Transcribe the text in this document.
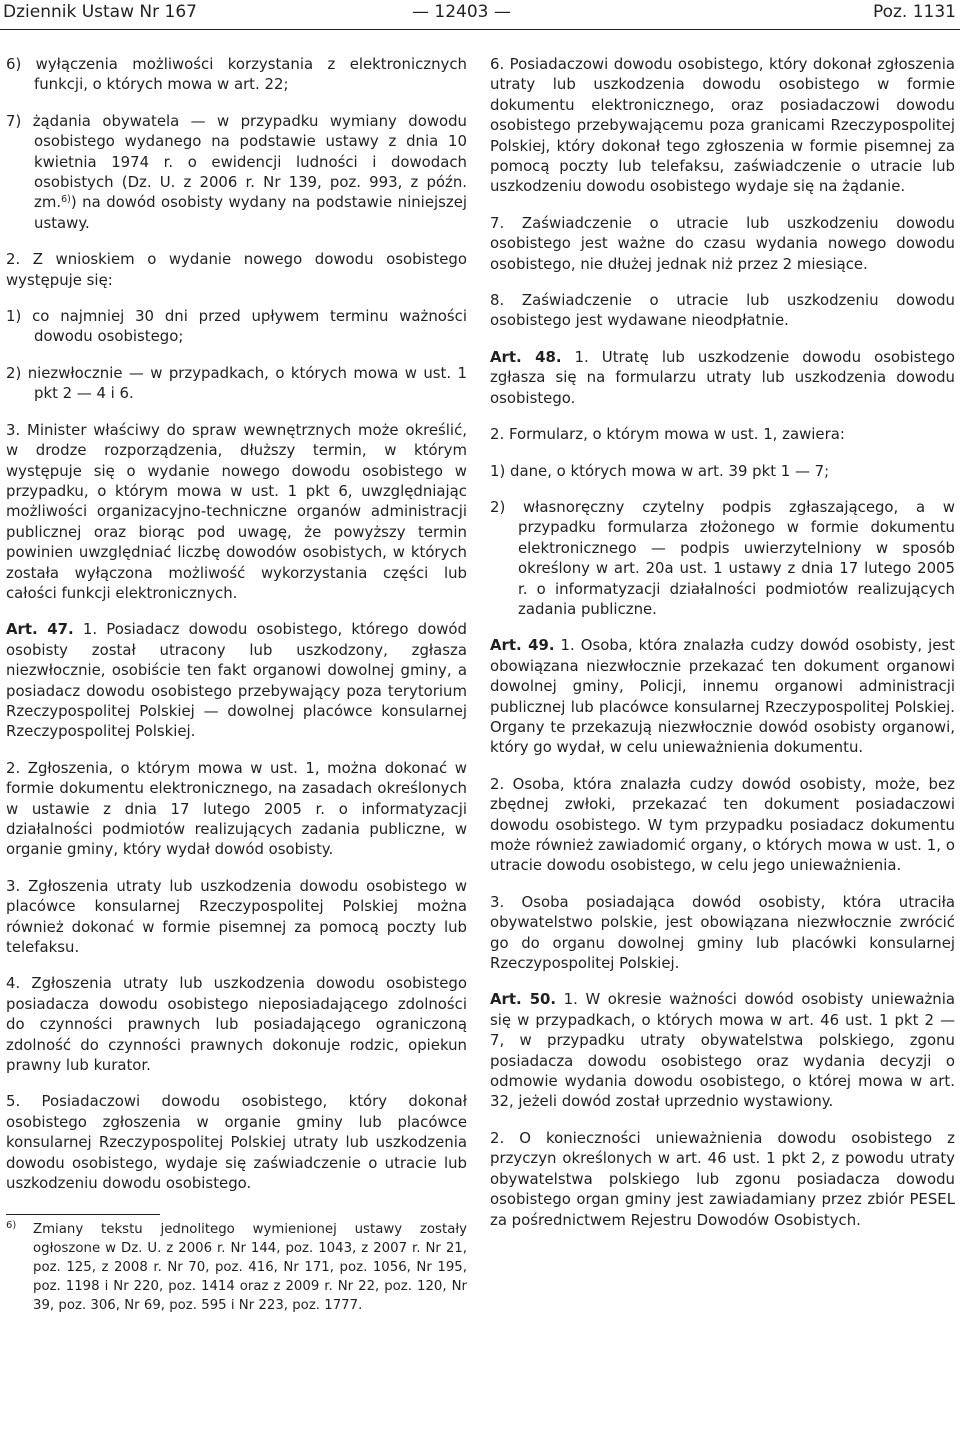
Dziennik Ustaw Nr 167	— 12403 —	Poz. 1131

6) wyłączenia możliwości korzystania z elektronicznych funkcji, o których mowa w art. 22;

7) żądania obywatela — w przypadku wymiany dowodu osobistego wydanego na podstawie ustawy z dnia 10 kwietnia 1974 r. o ewidencji ludności i dowodach osobistych (Dz. U. z 2006 r. Nr 139, poz. 993, z późn. zm.$^{6)}$) na dowód osobisty wydany na podstawie niniejszej ustawy.

2. Z wnioskiem o wydanie nowego dowodu osobistego występuje się:

1) co najmniej 30 dni przed upływem terminu ważności dowodu osobistego;

2) niezwłocznie — w przypadkach, o których mowa w ust. 1 pkt 2 — 4 i 6.

3. Minister właściwy do spraw wewnętrznych może określić, w drodze rozporządzenia, dłuższy termin, w którym występuje się o wydanie nowego dowodu osobistego w przypadku, o którym mowa w ust. 1 pkt 6, uwzględniając możliwości organizacyjno-techniczne organów administracji publicznej oraz biorąc pod uwagę, że powyższy termin powinien uwzględniać liczbę dowodów osobistych, w których została wyłączona możliwość wykorzystania części lub całości funkcji elektronicznych.

Art. 47. 1. Posiadacz dowodu osobistego, którego dowód osobisty został utracony lub uszkodzony, zgłasza niezwłocznie, osobiście ten fakt organowi dowolnej gminy, a posiadacz dowodu osobistego przebywający poza terytorium Rzeczypospolitej Polskiej — dowolnej placówce konsularnej Rzeczypospolitej Polskiej.

2. Zgłoszenia, o którym mowa w ust. 1, można dokonać w formie dokumentu elektronicznego, na zasadach określonych w ustawie z dnia 17 lutego 2005 r. o informatyzacji działalności podmiotów realizujących zadania publiczne, w organie gminy, który wydał dowód osobisty.

3. Zgłoszenia utraty lub uszkodzenia dowodu osobistego w placówce konsularnej Rzeczypospolitej Polskiej można również dokonać w formie pisemnej za pomocą poczty lub telefaksu.

4. Zgłoszenia utraty lub uszkodzenia dowodu osobistego posiadacza dowodu osobistego nieposiadającego zdolności do czynności prawnych lub posiadającego ograniczoną zdolność do czynności prawnych dokonuje rodzic, opiekun prawny lub kurator.

5. Posiadaczowi dowodu osobistego, który dokonał osobistego zgłoszenia w organie gminy lub placówce konsularnej Rzeczypospolitej Polskiej utraty lub uszkodzenia dowodu osobistego, wydaje się zaświadczenie o utracie lub uszkodzeniu dowodu osobistego.

6) Zmiany tekstu jednolitego wymienionej ustawy zostały ogłoszone w Dz. U. z 2006 r. Nr 144, poz. 1043, z 2007 r. Nr 21, poz. 125, z 2008 r. Nr 70, poz. 416, Nr 171, poz. 1056, Nr 195, poz. 1198 i Nr 220, poz. 1414 oraz z 2009 r. Nr 22, poz. 120, Nr 39, poz. 306, Nr 69, poz. 595 i Nr 223, poz. 1777.

6. Posiadaczowi dowodu osobistego, który dokonał zgłoszenia utraty lub uszkodzenia dowodu osobistego w formie dokumentu elektronicznego, oraz posiadaczowi dowodu osobistego przebywającemu poza granicami Rzeczypospolitej Polskiej, który dokonał tego zgłoszenia w formie pisemnej za pomocą poczty lub telefaksu, zaświadczenie o utracie lub uszkodzeniu dowodu osobistego wydaje się na żądanie.

7. Zaświadczenie o utracie lub uszkodzeniu dowodu osobistego jest ważne do czasu wydania nowego dowodu osobistego, nie dłużej jednak niż przez 2 miesiące.

8. Zaświadczenie o utracie lub uszkodzeniu dowodu osobistego jest wydawane nieodpłatnie.

Art. 48. 1. Utratę lub uszkodzenie dowodu osobistego zgłasza się na formularzu utraty lub uszkodzenia dowodu osobistego.

2. Formularz, o którym mowa w ust. 1, zawiera:

1) dane, o których mowa w art. 39 pkt 1 — 7;

2) własnoręczny czytelny podpis zgłaszającego, a w przypadku formularza złożonego w formie dokumentu elektronicznego — podpis uwierzytelniony w sposób określony w art. 20a ust. 1 ustawy z dnia 17 lutego 2005 r. o informatyzacji działalności podmiotów realizujących zadania publiczne.

Art. 49. 1. Osoba, która znalazła cudzy dowód osobisty, jest obowiązana niezwłocznie przekazać ten dokument organowi dowolnej gminy, Policji, innemu organowi administracji publicznej lub placówce konsularnej Rzeczypospolitej Polskiej. Organy te przekazują niezwłocznie dowód osobisty organowi, który go wydał, w celu unieważnienia dokumentu.

2. Osoba, która znalazła cudzy dowód osobisty, może, bez zbędnej zwłoki, przekazać ten dokument posiadaczowi dowodu osobistego. W tym przypadku posiadacz dokumentu może również zawiadomić organy, o których mowa w ust. 1, o utracie dowodu osobistego, w celu jego unieważnienia.

3. Osoba posiadająca dowód osobisty, która utraciła obywatelstwo polskie, jest obowiązana niezwłocznie zwrócić go do organu dowolnej gminy lub placówki konsularnej Rzeczypospolitej Polskiej.

Art. 50. 1. W okresie ważności dowód osobisty unieważnia się w przypadkach, o których mowa w art. 46 ust. 1 pkt 2 — 7, w przypadku utraty obywatelstwa polskiego, zgonu posiadacza dowodu osobistego oraz wydania decyzji o odmowie wydania dowodu osobistego, o której mowa w art. 32, jeżeli dowód został uprzednio wystawiony.

2. O konieczności unieważnienia dowodu osobistego z przyczyn określonych w art. 46 ust. 1 pkt 2, z powodu utraty obywatelstwa polskiego lub zgonu posiadacza dowodu osobistego organ gminy jest zawiadamiany przez zbiór PESEL za pośrednictwem Rejestru Dowodów Osobistych.
